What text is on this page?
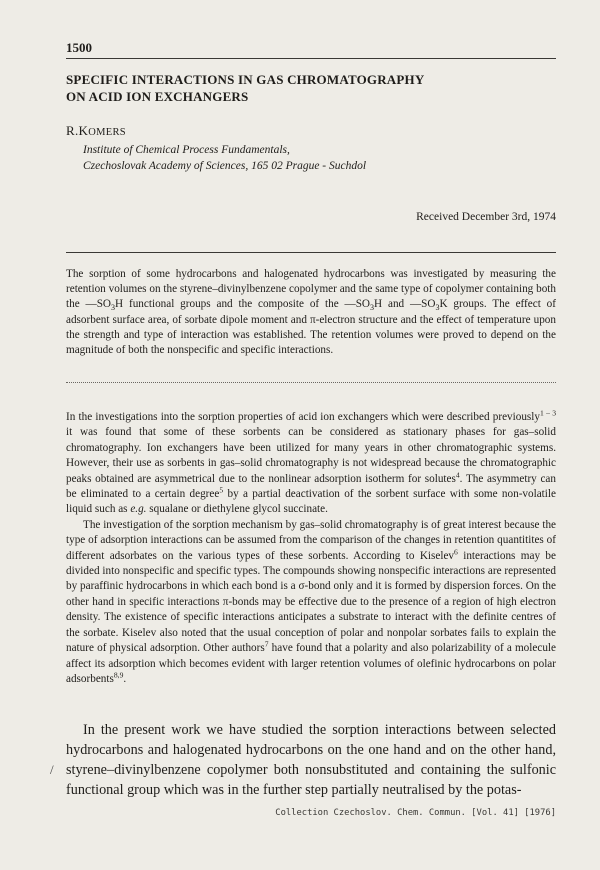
1500
SPECIFIC INTERACTIONS IN GAS CHROMATOGRAPHY
ON ACID ION EXCHANGERS
R.KOMERS
Institute of Chemical Process Fundamentals,
Czechoslovak Academy of Sciences, 165 02 Prague - Suchdol
Received December 3rd, 1974
The sorption of some hydrocarbons and halogenated hydrocarbons was investigated by measuring the retention volumes on the styrene–divinylbenzene copolymer and the same type of copolymer containing both the $—SO_3H$ functional groups and the composite of the $—SO_3H$ and $—SO_3K$ groups. The effect of adsorbent surface area, of sorbate dipole moment and π-electron structure and the effect of temperature upon the strength and type of interaction was established. The retention volumes were proved to depend on the magnitude of both the nonspecific and specific interactions.

In the investigations into the sorption properties of acid ion exchangers which were described previously$^{1 - 3}$ it was found that some of these sorbents can be considered as stationary phases for gas–solid chromatography. Ion exchangers have been utilized for many years in other chromatographic systems. However, their use as sorbents in gas–solid chromatography is not widespread because the chromatographic peaks obtained are asymmetrical due to the nonlinear adsorption isotherm for solutes$^4$. The asymmetry can be eliminated to a certain degree$^5$ by a partial deactivation of the sorbent surface with some non-volatile liquid such as e.g. squalane or diethylene glycol succinate.

The investigation of the sorption mechanism by gas–solid chromatography is of great interest because the type of adsorption interactions can be assumed from the comparison of the changes in retention quantitites of different adsorbates on the various types of these sorbents. According to Kiselev$^6$ interactions may be divided into nonspecific and specific types. The compounds showing nonspecific interactions are represented by paraffinic hydrocarbons in which each bond is a σ-bond only and it is formed by dispersion forces. On the other hand in specific interactions π-bonds may be effective due to the presence of a region of high electron density. The existence of specific interactions anticipates a substrate to interact with the definite centres of the sorbate. Kiselev also noted that the usual conception of polar and nonpolar sorbates fails to explain the nature of physical adsorption. Other authors$^7$ have found that a polarity and also polarizability of a molecule affect its adsorption which becomes evident with larger retention volumes of olefinic hydrocarbons on polar adsorbents$^{8,9}$.

In the present work we have studied the sorption interactions between selected hydrocarbons and halogenated hydrocarbons on the one hand and on the other hand, styrene–divinylbenzene copolymer both nonsubstituted and containing the sulfonic functional group which was in the further step partially neutralised by the potas-

/
Collection Czechoslov. Chem. Commun. [Vol. 41] [1976]
